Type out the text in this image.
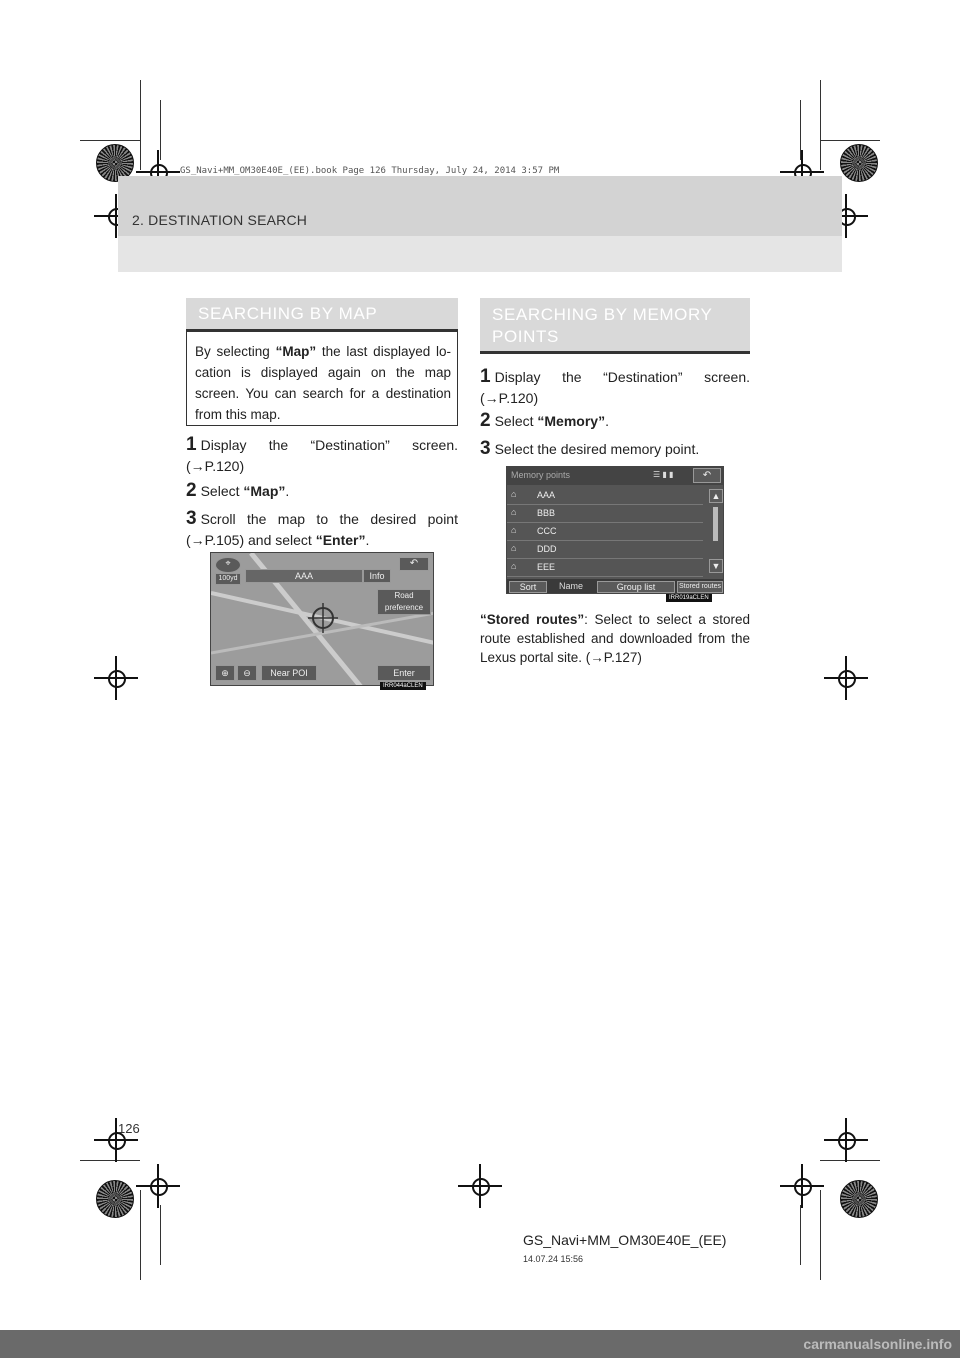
GS_Navi+MM_OM30E40E_(EE).book Page 126 Thursday, July 24, 2014 3:57 PM
2. DESTINATION SEARCH
SEARCHING BY MAP
By selecting “Map” the last displayed lo-cation is displayed again on the map screen. You can search for a destination from this map.
1 Display the “Destination” screen. (→P.120)
2 Select “Map”.
3 Scroll the map to the desired point (→P.105) and select “Enter”.
⌖
100yd	AAA	Info
↶
Road
preference
⊕	⊖	Near POI	Enter
IRR044aCLEN
SEARCHING BY MEMORY
POINTS
1 Display the “Destination” screen. (→P.120)
2 Select “Memory”.
3 Select the desired memory point.
Memory points	☰ ▮ ▮	↶
⌂ AAA
⌂ BBB
⌂ CCC
⌂ DDD
⌂ EEE
▲
▼
Sort	Name	Group list	Stored routes
IRR019aCLEN
“Stored routes”: Select to select a stored route established and downloaded from the Lexus portal site. (→P.127)
126
GS_Navi+MM_OM30E40E_(EE)
14.07.24 15:56
carmanualsonline.info
